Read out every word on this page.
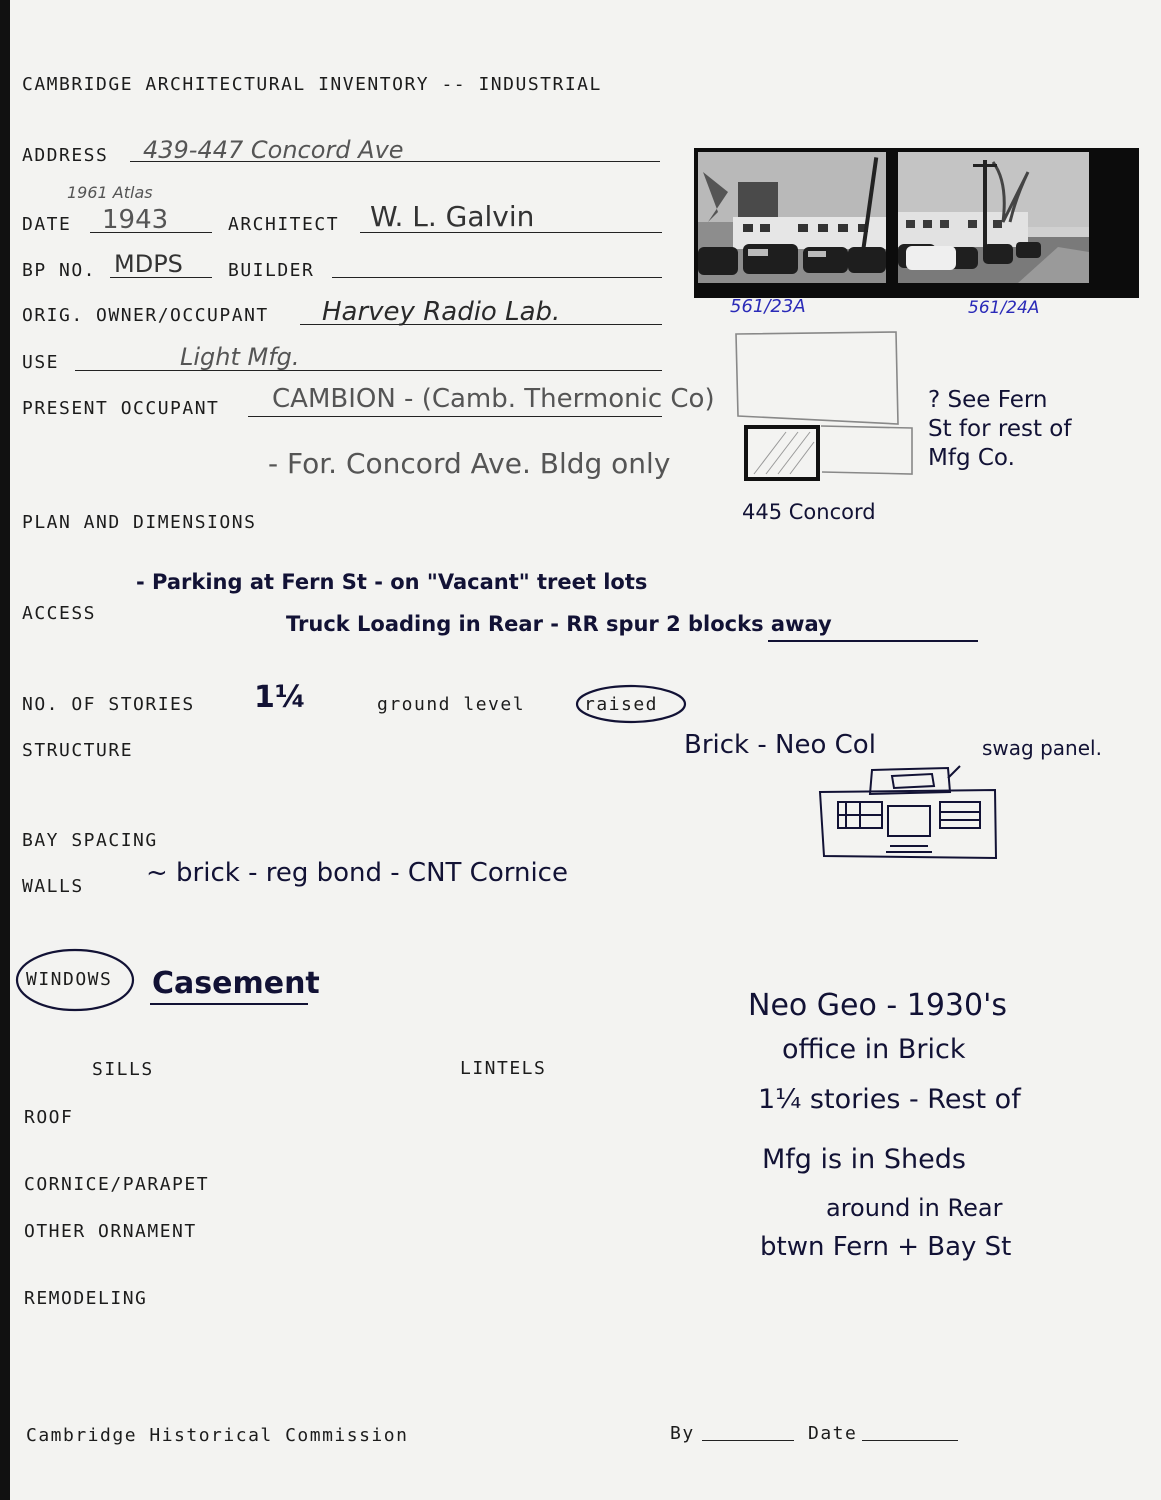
CAMBRIDGE ARCHITECTURAL INVENTORY -- INDUSTRIAL
561/23A	561/24A
ADDRESS 439-447 Concord Ave
1961 Atlas
DATE 1943	ARCHITECT W. L. Galvin
BP NO. MDPS	BUILDER
ORIG. OWNER/OCCUPANT Harvey Radio Lab.
USE	Light Mfg.
PRESENT OCCUPANT CAMBION - (Camb. Thermonic Co)
- For. Concord Ave. Bldg only
PLAN AND DIMENSIONS	445 Concord
? See Fern St for rest of Mfg Co.
ACCESS
- Parking at Fern St - on "Vacant" treet lots
Truck Loading in Rear - RR spur 2 blocks away
NO. OF STORIES 1¼	ground level	raised
STRUCTURE	Brick - Neo Col	swag panel.
BAY SPACING
WALLS ~ brick - reg bond - CNT Cornice
WINDOWS Casement
SILLS	LINTELS
ROOF
CORNICE/PARAPET
OTHER ORNAMENT
REMODELING
Neo Geo - 1930's
office in Brick
1¼ stories - Rest of
Mfg is in Sheds
around in Rear
btwn Fern + Bay St
Cambridge Historical Commission	By	Date
